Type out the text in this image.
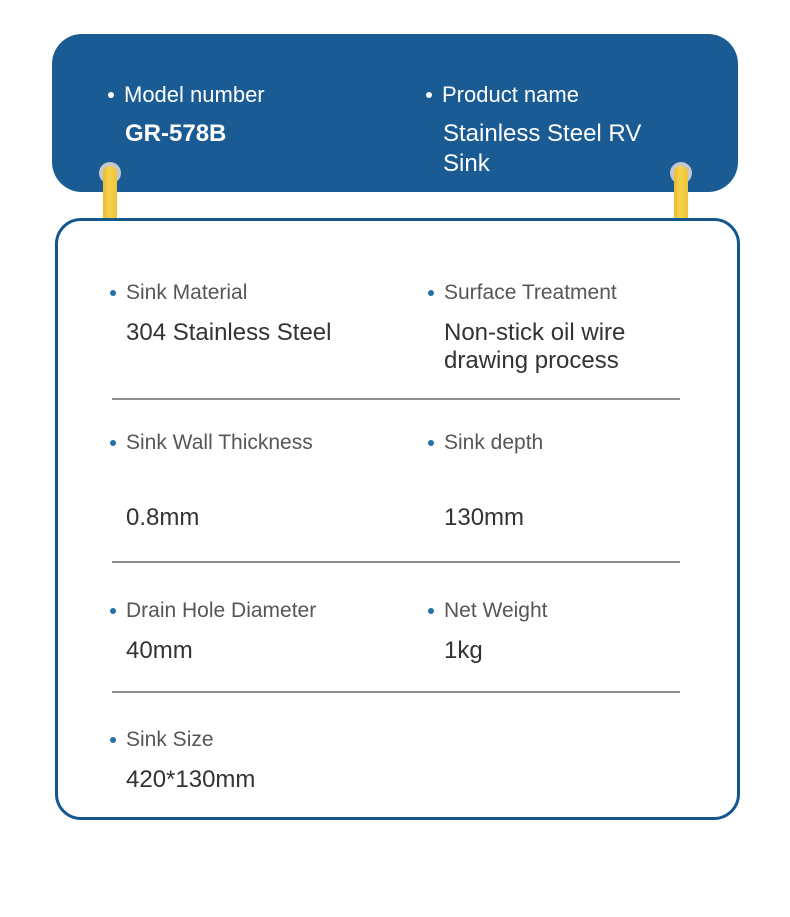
Model number
GR-578B
Product name
Stainless Steel RV Sink
Sink Material
304 Stainless Steel
Surface Treatment
Non-stick oil wire drawing process
Sink Wall Thickness
0.8mm
Sink depth
130mm
Drain Hole Diameter
40mm
Net Weight
1kg
Sink Size
420*130mm
